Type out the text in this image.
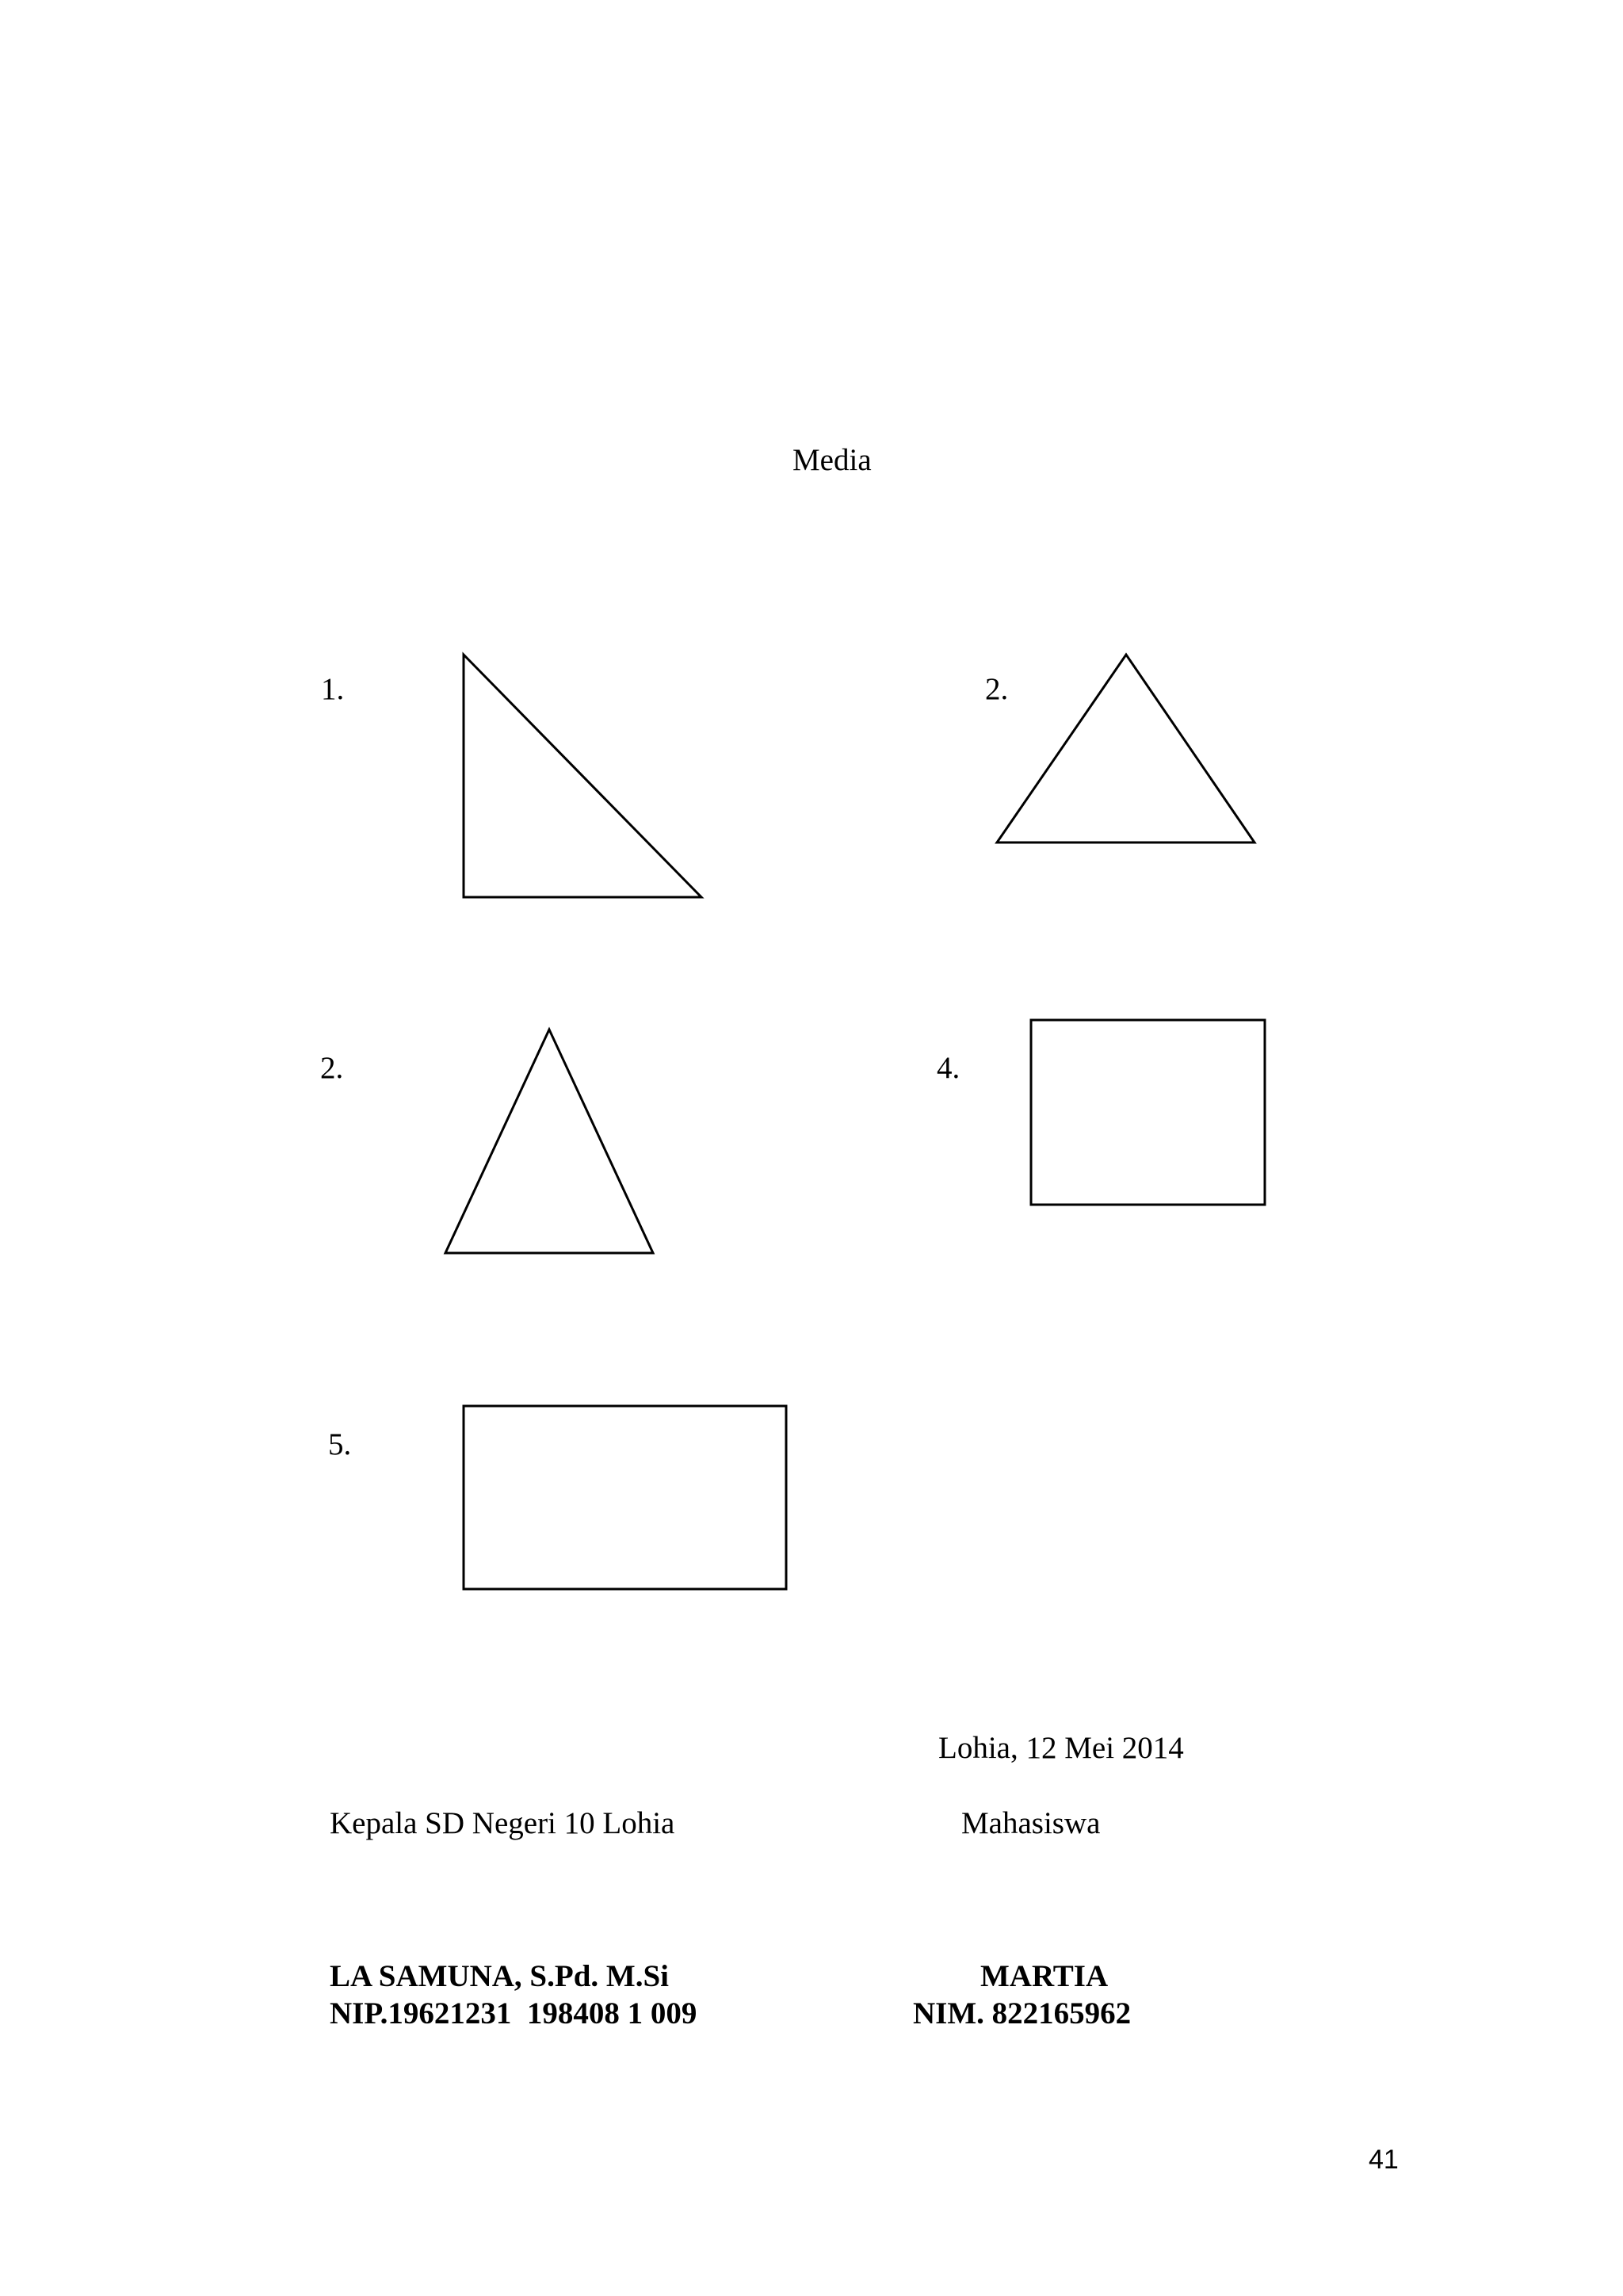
Media
1.	2.
2.	4.
5.
Lohia, 12 Mei 2014
Kepala SD Negeri 10 Lohia	Mahasiswa
LA SAMUNA, S.Pd. M.Si	MARTIA
NIP.19621231  198408 1 009	NIM. 822165962
41
